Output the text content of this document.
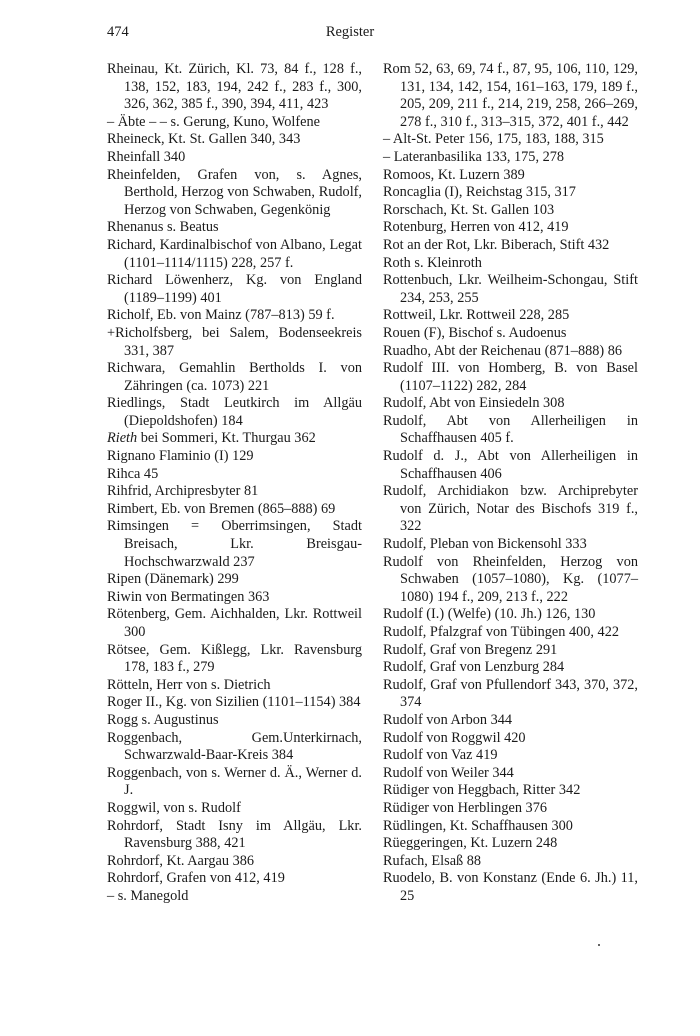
474	Register

Rheinau, Kt. Zürich, Kl. 73, 84 f., 128 f., 138, 152, 183, 194, 242 f., 283 f., 300, 326, 362, 385 f., 390, 394, 411, 423

– Äbte – – s. Gerung, Kuno, Wolfene

Rheineck, Kt. St. Gallen 340, 343

Rheinfall 340

Rheinfelden, Grafen von, s. Agnes, Berthold, Herzog von Schwaben, Rudolf, Herzog von Schwaben, Gegenkönig

Rhenanus s. Beatus

Richard, Kardinalbischof von Albano, Legat (1101–1114/1115) 228, 257 f.

Richard Löwenherz, Kg. von England (1189–1199) 401

Richolf, Eb. von Mainz (787–813) 59 f.

+Richolfsberg, bei Salem, Bodenseekreis 331, 387

Richwara, Gemahlin Bertholds I. von Zähringen (ca. 1073) 221

Riedlings, Stadt Leutkirch im Allgäu (Diepoldshofen) 184

Rieth bei Sommeri, Kt. Thurgau 362

Rignano Flaminio (I) 129

Rihca 45

Rihfrid, Archipresbyter 81

Rimbert, Eb. von Bremen (865–888) 69

Rimsingen = Oberrimsingen, Stadt Breisach, Lkr. Breisgau-Hochschwarzwald 237

Ripen (Dänemark) 299

Riwin von Bermatingen 363

Rötenberg, Gem. Aichhalden, Lkr. Rottweil 300

Rötsee, Gem. Kißlegg, Lkr. Ravensburg 178, 183 f., 279

Rötteln, Herr von s. Dietrich

Roger II., Kg. von Sizilien (1101–1154) 384

Rogg s. Augustinus

Roggenbach, Gem.Unterkirnach, Schwarzwald-Baar-Kreis 384

Roggenbach, von s. Werner d. Ä., Werner d. J.

Roggwil, von s. Rudolf

Rohrdorf, Stadt Isny im Allgäu, Lkr. Ravensburg 388, 421

Rohrdorf, Kt. Aargau 386

Rohrdorf, Grafen von 412, 419

– s. Manegold

Rom 52, 63, 69, 74 f., 87, 95, 106, 110, 129, 131, 134, 142, 154, 161–163, 179, 189 f., 205, 209, 211 f., 214, 219, 258, 266–269, 278 f., 310 f., 313–315, 372, 401 f., 442

– Alt-St. Peter 156, 175, 183, 188, 315

– Lateranbasilika 133, 175, 278

Romoos, Kt. Luzern 389

Roncaglia (I), Reichstag 315, 317

Rorschach, Kt. St. Gallen 103

Rotenburg, Herren von 412, 419

Rot an der Rot, Lkr. Biberach, Stift 432

Roth s. Kleinroth

Rottenbuch, Lkr. Weilheim-Schongau, Stift 234, 253, 255

Rottweil, Lkr. Rottweil 228, 285

Rouen (F), Bischof s. Audoenus

Ruadho, Abt der Reichenau (871–888) 86

Rudolf III. von Homberg, B. von Basel (1107–1122) 282, 284

Rudolf, Abt von Einsiedeln 308

Rudolf, Abt von Allerheiligen in Schaffhausen 405 f.

Rudolf d. J., Abt von Allerheiligen in Schaffhausen 406

Rudolf, Archidiakon bzw. Archiprebyter von Zürich, Notar des Bischofs 319 f., 322

Rudolf, Pleban von Bickensohl 333

Rudolf von Rheinfelden, Herzog von Schwaben (1057–1080), Kg. (1077–1080) 194 f., 209, 213 f., 222

Rudolf (I.) (Welfe) (10. Jh.) 126, 130

Rudolf, Pfalzgraf von Tübingen 400, 422

Rudolf, Graf von Bregenz 291

Rudolf, Graf von Lenzburg 284

Rudolf, Graf von Pfullendorf 343, 370, 372, 374

Rudolf von Arbon 344

Rudolf von Roggwil 420

Rudolf von Vaz 419

Rudolf von Weiler 344

Rüdiger von Heggbach, Ritter 342

Rüdiger von Herblingen 376

Rüdlingen, Kt. Schaffhausen 300

Rüeggeringen, Kt. Luzern 248

Rufach, Elsaß 88

Ruodelo, B. von Konstanz (Ende 6. Jh.) 11, 25
